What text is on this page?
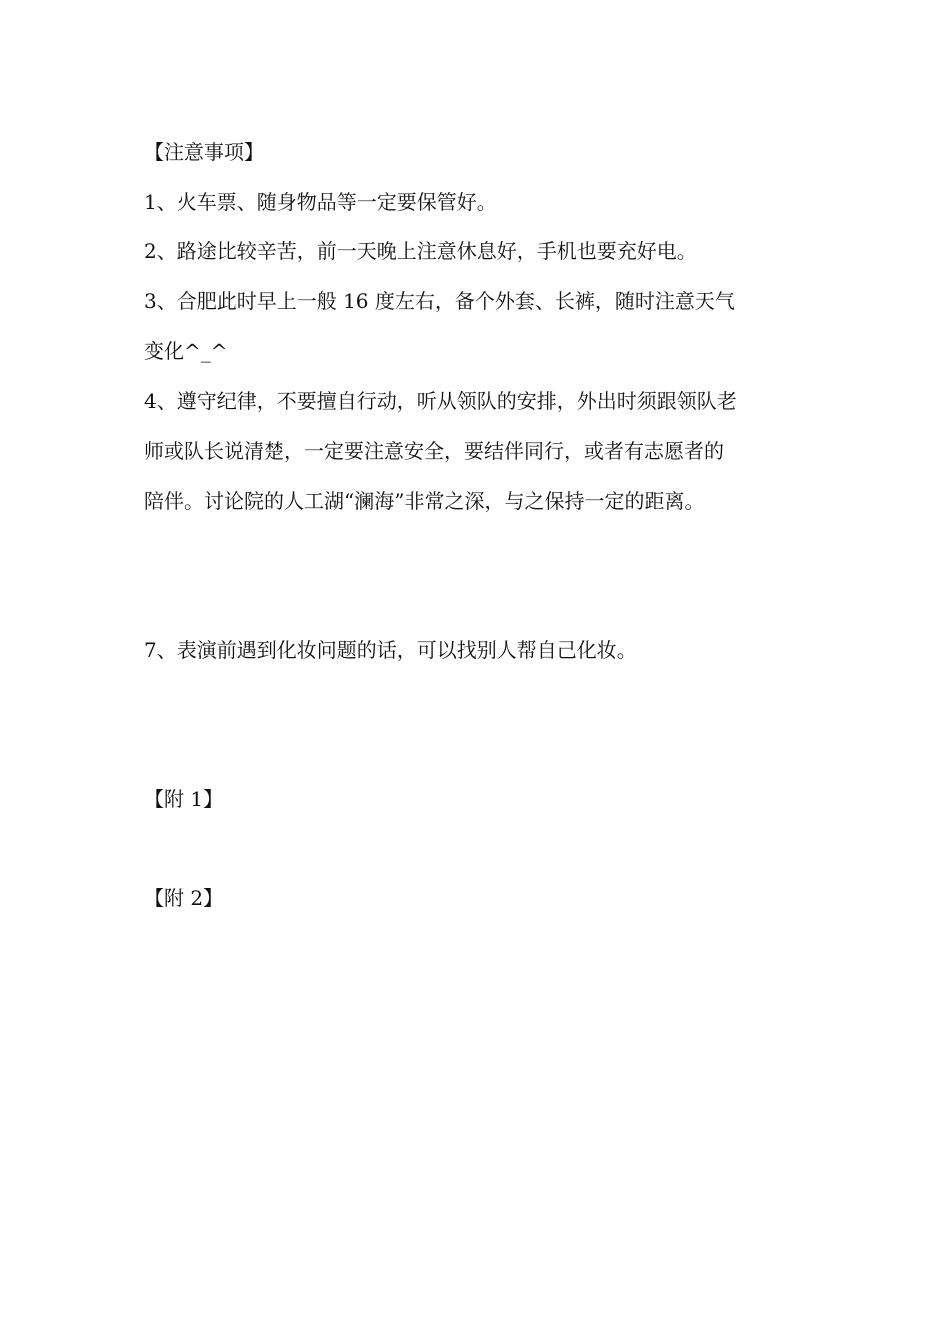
【注意事项】
1、火车票、随身物品等一定要保管好。
2、路途比较辛苦，前一天晚上注意休息好，手机也要充好电。
3、合肥此时早上一般 16 度左右，备个外套、长裤，随时注意天气
变化^_^
4、遵守纪律，不要擅自行动，听从领队的安排，外出时须跟领队老
师或队长说清楚，一定要注意安全，要结伴同行，或者有志愿者的
陪伴。讨论院的人工湖“澜海”非常之深，与之保持一定的距离。
7、表演前遇到化妆问题的话，可以找别人帮自己化妆。
【附 1】
【附 2】
